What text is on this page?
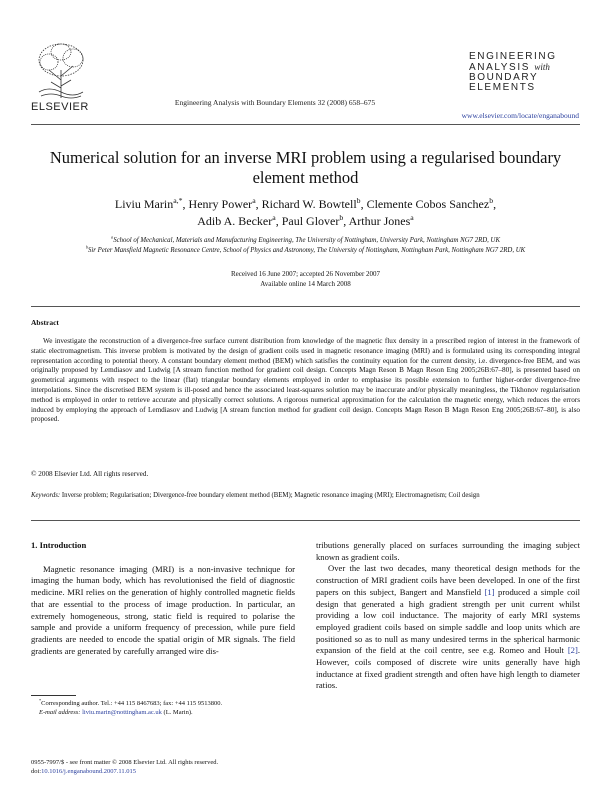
ELSEVIER	Engineering Analysis with Boundary Elements 32 (2008) 658–675
ENGINEERING
ANALYSIS with
BOUNDARY
ELEMENTS
www.elsevier.com/locate/enganabound
Numerical solution for an inverse MRI problem using a regularised boundary element method
Liviu Marin$^{a,*}$, Henry Power$^a$, Richard W. Bowtell$^b$, Clemente Cobos Sanchez$^b$,
Adib A. Becker$^a$, Paul Glover$^b$, Arthur Jones$^a$
$^a$School of Mechanical, Materials and Manufacturing Engineering, The University of Nottingham, University Park, Nottingham NG7 2RD, UK
$^b$Sir Peter Mansfield Magnetic Resonance Centre, School of Physics and Astronomy, The University of Nottingham, Nottingham Park, Nottingham NG7 2RD, UK
Received 16 June 2007; accepted 26 November 2007
Available online 14 March 2008
Abstract
We investigate the reconstruction of a divergence-free surface current distribution from knowledge of the magnetic flux density in a prescribed region of interest in the framework of static electromagnetism. This inverse problem is motivated by the design of gradient coils used in magnetic resonance imaging (MRI) and is formulated using its corresponding integral representation according to potential theory. A constant boundary element method (BEM) which satisfies the continuity equation for the current density, i.e. divergence-free BEM, and was originally proposed by Lemdiasov and Ludwig [A stream function method for gradient coil design. Concepts Magn Reson B Magn Reson Eng 2005;26B:67–80], is presented based on geometrical arguments with respect to the linear (flat) triangular boundary elements employed in order to emphasise its possible extension to further higher-order divergence-free interpolations. Since the discretised BEM system is ill-posed and hence the associated least-squares solution may be inaccurate and/or physically meaningless, the Tikhonov regularisation method is employed in order to retrieve accurate and physically correct solutions. A rigorous numerical approximation for the calculation the magnetic energy, which reduces the errors induced by employing the approach of Lemdiasov and Ludwig [A stream function method for gradient coil design. Concepts Magn Reson B Magn Reson Eng 2005;26B:67–80], is also proposed.
© 2008 Elsevier Ltd. All rights reserved.
Keywords: Inverse problem; Regularisation; Divergence-free boundary element method (BEM); Magnetic resonance imaging (MRI); Electromagnetism; Coil design
1. Introduction

Magnetic resonance imaging (MRI) is a non-invasive technique for imaging the human body, which has revolutionised the field of diagnostic medicine. MRI relies on the generation of highly controlled magnetic fields that are essential to the process of image production. In particular, an extremely homogeneous, strong, static field is required to polarise the sample and provide a uniform frequency of precession, while pure field gradients are needed to encode the spatial origin of MR signals. The field gradients are generated by carefully arranged wire dis-

tributions generally placed on surfaces surrounding the imaging subject known as gradient coils.

Over the last two decades, many theoretical design methods for the construction of MRI gradient coils have been developed. In one of the first papers on this subject, Bangert and Mansfield [1] produced a simple coil design that generated a high gradient strength per unit current whilst providing a low coil inductance. The majority of early MRI systems employed gradient coils based on simple saddle and loop units which are positioned so as to null as many undesired terms in the spherical harmonic expansion of the field at the coil centre, see e.g. Romeo and Hoult [2]. However, coils composed of discrete wire units generally have high inductance at fixed gradient strength and often have high length to diameter ratios.

*Corresponding author. Tel.: +44 115 8467683; fax: +44 115 9513800.
E-mail address: liviu.marin@nottingham.ac.uk (L. Marin).
0955-7997/$ - see front matter © 2008 Elsevier Ltd. All rights reserved.
doi:10.1016/j.enganabound.2007.11.015
